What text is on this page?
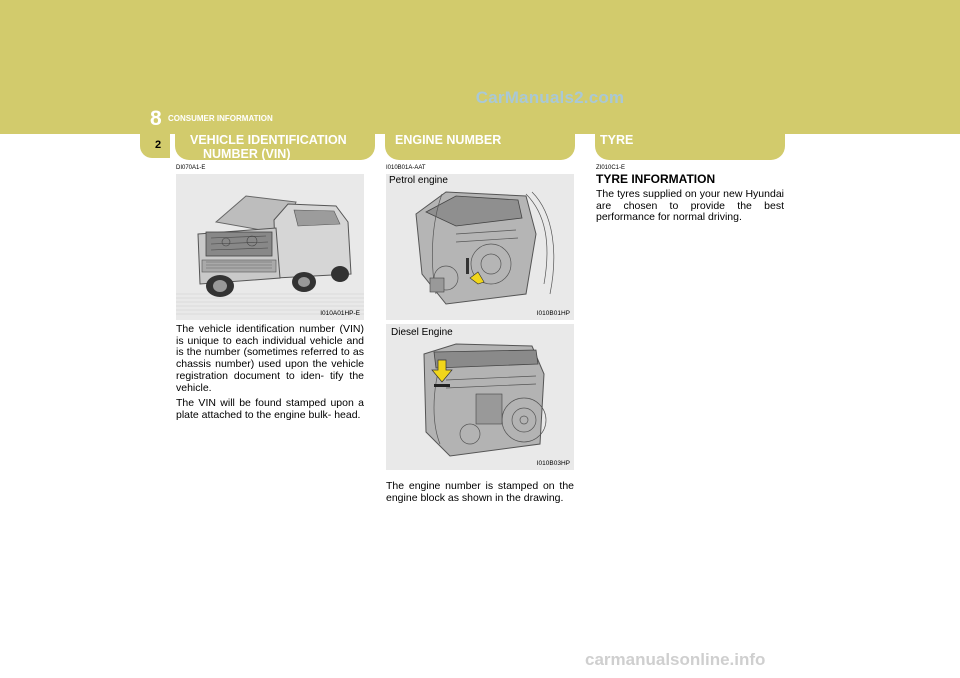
CarManuals2.com
8 CONSUMER INFORMATION
2 VEHICLE IDENTIFICATION
NUMBER (VIN)
DI070A1-E
I010A01HP-E
The vehicle identification number (VIN) is unique to each individual vehicle and is the number (sometimes referred to as chassis number) used upon the vehicle registration document to iden- tify the vehicle.
The VIN will be found stamped upon a plate attached to the engine bulk- head.
ENGINE NUMBER
I010B01A-AAT
Petrol engine
I010B01HP
Diesel Engine
I010B03HP
The engine number is stamped on the engine block as shown in the drawing.
TYRE
ZI010C1-E
TYRE INFORMATION
The tyres supplied on your new Hyundai are chosen to provide the best performance for normal driving.
carmanualsonline.info
